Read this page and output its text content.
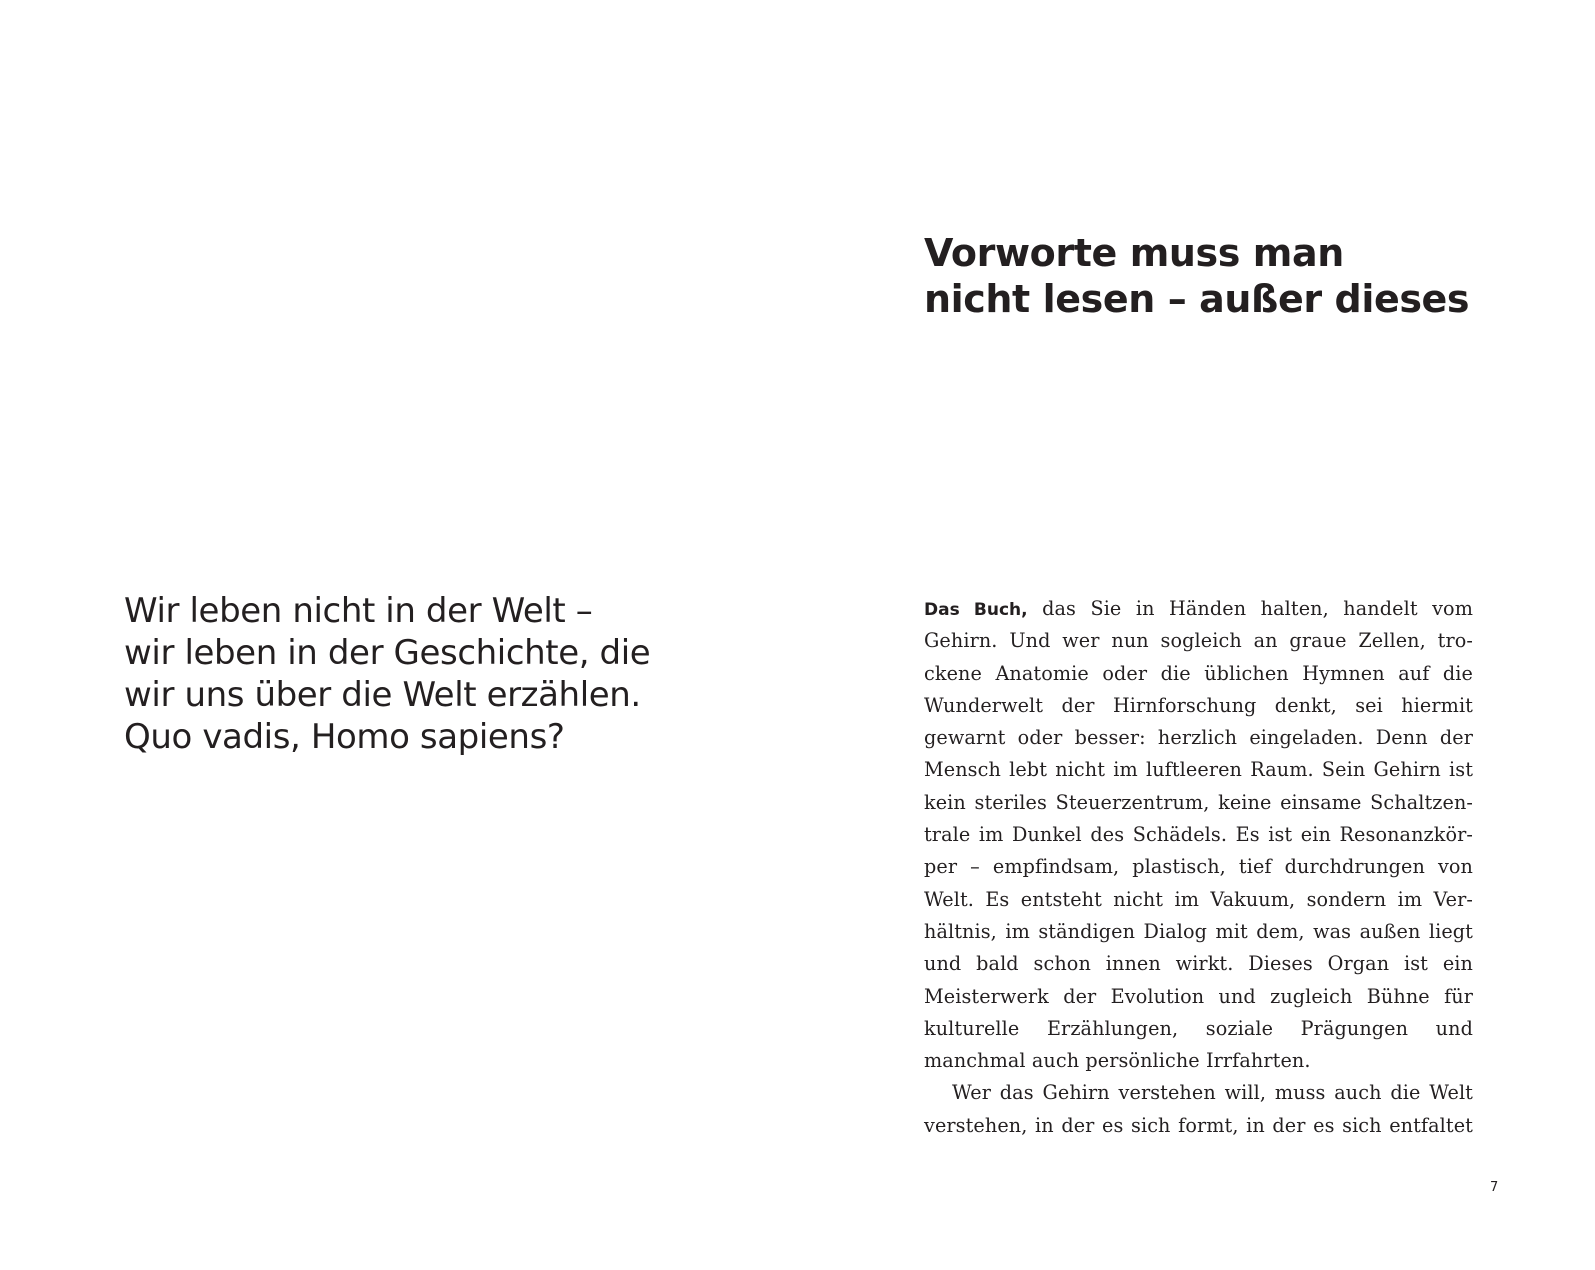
Wir leben nicht in der Welt –
wir leben in der Geschichte, die
wir uns über die Welt erzählen.
Quo vadis, Homo sapiens?
Vorworte muss man
nicht lesen – außer dieses
Das Buch, das Sie in Händen halten, handelt vom
Gehirn. Und wer nun sogleich an graue Zellen, tro-
ckene Anatomie oder die üblichen Hymnen auf die
Wunderwelt der Hirnforschung denkt, sei hiermit
gewarnt oder besser: herzlich eingeladen. Denn der
Mensch lebt nicht im luftleeren Raum. Sein Gehirn ist
kein steriles Steuerzentrum, keine einsame Schaltzen-
trale im Dunkel des Schädels. Es ist ein Resonanzkör-
per – empfindsam, plastisch, tief durchdrungen von
Welt. Es entsteht nicht im Vakuum, sondern im Ver-
hältnis, im ständigen Dialog mit dem, was außen liegt
und bald schon innen wirkt. Dieses Organ ist ein
Meisterwerk der Evolution und zugleich Bühne für
kulturelle Erzählungen, soziale Prägungen und
manchmal auch persönliche Irrfahrten.
Wer das Gehirn verstehen will, muss auch die Welt
verstehen, in der es sich formt, in der es sich entfaltet
7
